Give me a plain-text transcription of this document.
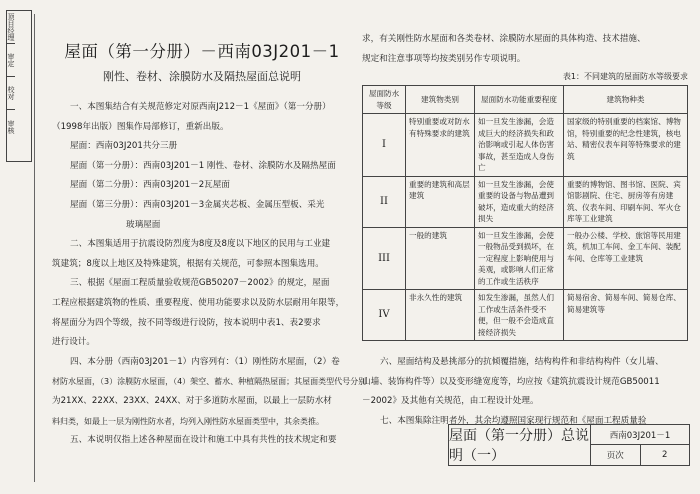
顶目经理
审定
校对
审核
屋面（第一分册）－西南03J201－1
刚性、卷材、涂膜防水及隔热屋面总说明
一、本图集结合有关规范修定对原西南J212－1《屋面》（第一分册）
（1998年出版）图集作局部修订，重新出版。
屋面：西南03J201共分三册
屋面（第一分册）：西南03J201－1 刚性、卷材、涂膜防水及隔热屋面
屋面（第二分册）：西南03J201－2瓦屋面
屋面（第三分册）：西南03J201－3金属夹芯板、金属压型板、采光
玻璃屋面
二、本图集适用于抗震设防烈度为8度及8度以下地区的民用与工业建
筑建筑；8度以上地区及特殊建筑，根据有关规范，可参照本图集选用。
三、根据《屋面工程质量验收规范GB50207－2002》的规定，屋面
工程应根据建筑物的性质、重要程度、使用功能要求以及防水层耐用年限等，
将屋面分为四个等级，按不同等级进行设防，按本说明中表1、表2要求
进行设计。
四、本分册（西南03J201－1）内容列有：（1）刚性防水屋面，（2）卷
材防水屋面，（3）涂膜防水屋面，（4）架空、蓄水、种植隔热屋面；其屋面类型代号分别
为21XX、22XX、23XX、24XX、对于多道防水屋面，以最上一层防水材
料归类，如最上一层为刚性防水者，均列入刚性防水屋面类型中，其余类推。
五、本说明仅指上述各种屋面在设计和施工中具有共性的技术规定和要
求，有关刚性防水屋面和各类卷材、涂膜防水屋面的具体构造、技术措施、
规定和注意事项等均按类别另作专项说明。
表1：不同建筑的屋面防水等级要求
屋面防水等级	建筑物类别	屋面防水功能重要程度	建筑物种类
I	特别重要或对防水有特殊要求的建筑	如一旦发生渗漏，会造成巨大的经济损失和政治影响或引起人体伤害事故，甚至造成人身伤亡	国家级的特别重要的档案馆、博物馆，特别重要的纪念性建筑，核电站、精密仪表车间等特殊要求的建筑
II	重要的建筑和高层建筑	如一旦发生渗漏，会使重要的设备与物品遭到破坏，造成重大的经济损失	重要的博物馆、图书馆、医院、宾馆影剧院、住宅、厨房等有房建筑、仪表车间、印刷车间、军火仓库等工业建筑
III	一般的建筑	如一旦发生渗漏，会使一般物品受到损坏，在一定程度上影响使用与美观，或影响人们正常的工作或生活秩序	一般办公楼、学校、旅馆等民用建筑，机加工车间、金工车间、装配车间、仓库等工业建筑
IV	非永久性的建筑	如发生渗漏，虽然人们工作或生活条件受不便，但一般不会造成直接经济损失	简易宿舍、简易车间、简易仓库、简易建筑等
六、屋面结构及悬挑部分的抗倾覆措施，结构构件和非结构构件（女儿墙、
山墙、装饰构件等）以及变形缝宽度等，均应按《建筑抗震设计规范GB50011
－2002》及其他有关规范，由工程设计处理。
七、本图集除注明者外，其余均遵照国家现行规范和《屋面工程质量验
屋面（第一分册）总说明（一）
西南03J201－1
页次	2
